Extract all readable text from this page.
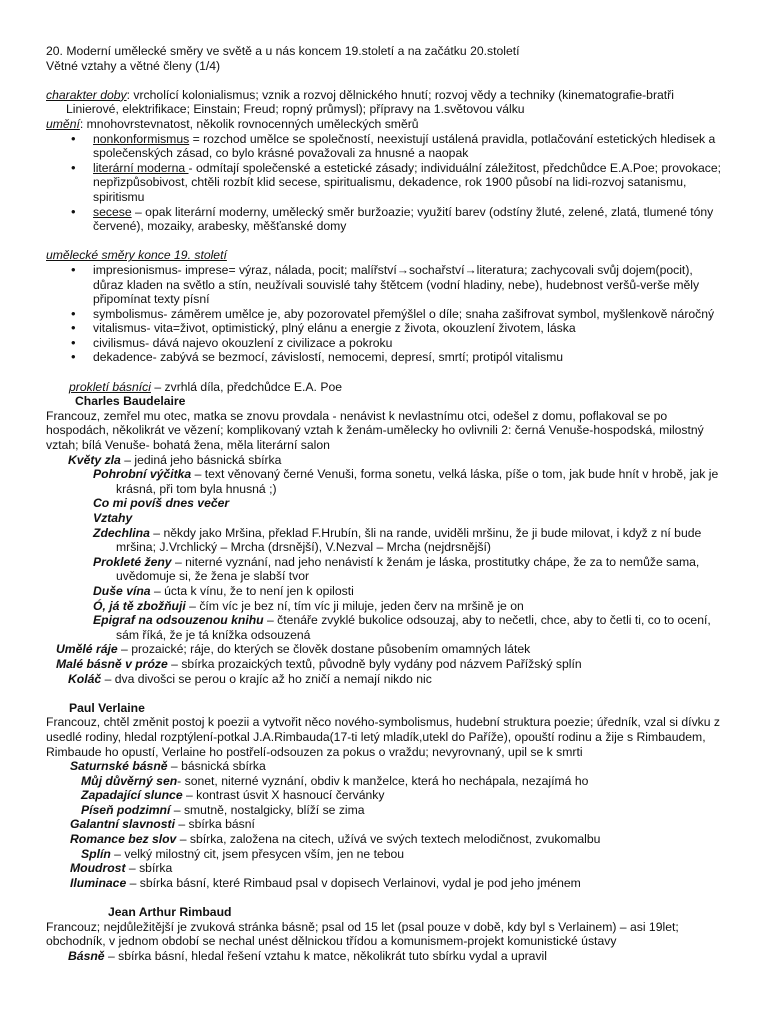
20. Moderní umělecké směry ve světě a u nás koncem 19.století a na začátku 20.století
Větné vztahy a větné členy (1/4)
charakter doby: vrcholící kolonialismus; vznik a rozvoj dělnického hnutí; rozvoj vědy a techniky (kinematografie-bratři Linierové, elektrifikace; Einstain; Freud; ropný průmysl); přípravy na 1.světovou válku
umění: mnohovrstevnatost, několik rovnocenných uměleckých směrů
• nonkonformismus = rozchod umělce se společností, neexistují ustálená pravidla, potlačování estetických hledisek a společenských zásad, co bylo krásné považovali za hnusné a naopak
• literární moderna - odmítají společenské a estetické zásady; individuální záležitost, předchůdce E.A.Poe; provokace; nepřizpůsobivost, chtěli rozbít klid secese, spiritualismu, dekadence, rok 1900 působí na lidi-rozvoj satanismu, spiritismu
• secese – opak literární moderny, umělecký směr buržoazie; využití barev (odstíny žluté, zelené, zlatá, tlumené tóny červené), mozaiky, arabesky, měšťanské domy
umělecké směry konce 19. století
• impresionismus- imprese= výraz, nálada, pocit; malířství→sochařství→literatura; zachycovali svůj dojem(pocit), důraz kladen na světlo a stín, neužívali souvislé tahy štětcem (vodní hladiny, nebe), hudebnost veršů-verše měly připomínat texty písní
• symbolismus- záměrem umělce je, aby pozorovatel přemýšlel o díle; snaha zašifrovat symbol, myšlenkově náročný
• vitalismus- vita=život, optimistický, plný elánu a energie z života, okouzlení životem, láska
• civilismus- dává najevo okouzlení z civilizace a pokroku
• dekadence- zabývá se bezmocí, závislostí, nemocemi, depresí, smrtí; protipól vitalismu
prokletí básníci – zvrhlá díla, předchůdce E.A. Poe
Charles Baudelaire
Francouz, zemřel mu otec, matka se znovu provdala - nenávist k nevlastnímu otci, odešel z domu, poflakoval se po hospodách, několikrát ve vězení; komplikovaný vztah k ženám-umělecky ho ovlivnili 2: černá Venuše-hospodská, milostný vztah; bílá Venuše- bohatá žena, měla literární salon
Květy zla – jediná jeho básnická sbírka
Pohrobní výčitka – text věnovaný černé Venuši, forma sonetu, velká láska, píše o tom, jak bude hnít v hrobě, jak je krásná, při tom byla hnusná ;)
Co mi povíš dnes večer
Vztahy
Zdechlina – někdy jako Mršina, překlad F.Hrubín, šli na rande, uviděli mršinu, že ji bude milovat, i když z ní bude mršina; J.Vrchlický – Mrcha (drsnější), V.Nezval – Mrcha (nejdrsnější)
Prokleté ženy – niterné vyznání, nad jeho nenávistí k ženám je láska, prostitutky chápe, že za to nemůže sama, uvědomuje si, že žena je slabší tvor
Duše vína – úcta k vínu, že to není jen k opilosti
Ó, já tě zbožňuji – čím víc je bez ní, tím víc ji miluje, jeden červ na mršině je on
Epigraf na odsouzenou knihu – čtenáře zvyklé bukolice odsouzaj, aby to nečetli, chce, aby to četli ti, co to ocení, sám říká, že je tá knížka odsouzená
Umělé ráje – prozaické; ráje, do kterých se člověk dostane působením omamných látek
Malé básně v próze – sbírka prozaických textů, původně byly vydány pod názvem Pařížský splín
Koláč – dva divošci se perou o krajíc až ho zničí a nemají nikdo nic
Paul Verlaine
Francouz, chtěl změnit postoj k poezii a vytvořit něco nového-symbolismus, hudební struktura poezie; úředník, vzal si dívku z usedlé rodiny, hledal rozptýlení-potkal J.A.Rimbauda(17-ti letý mladík,utekl do Paříže), opouští rodinu a žije s Rimbaudem, Rimbaude ho opustí, Verlaine ho postřelí-odsouzen za pokus o vraždu; nevyrovnaný, upil se k smrti
Saturnské básně – básnická sbírka
Můj důvěrný sen- sonet, niterné vyznání, obdiv k manželce, která ho nechápala, nezajímá ho
Zapadající slunce – kontrast úsvit X hasnoucí červánky
Píseň podzimní – smutně, nostalgicky, blíží se zima
Galantní slavnosti – sbírka básní
Romance bez slov – sbírka, založena na citech, užívá ve svých textech melodičnost, zvukomalbu
Splín – velký milostný cit, jsem přesycen vším, jen ne tebou
Moudrost – sbírka
Iluminace – sbírka básní, které Rimbaud psal v dopisech Verlainovi, vydal je pod jeho jménem
Jean Arthur Rimbaud
Francouz; nejdůležitější je zvuková stránka básně; psal od 15 let (psal pouze v době, kdy byl s Verlainem) – asi 19let; obchodník, v jednom období se nechal unést dělnickou třídou a komunismem-projekt komunistické ústavy
Básně – sbírka básní, hledal řešení vztahu k matce, několikrát tuto sbírku vydal a upravil
